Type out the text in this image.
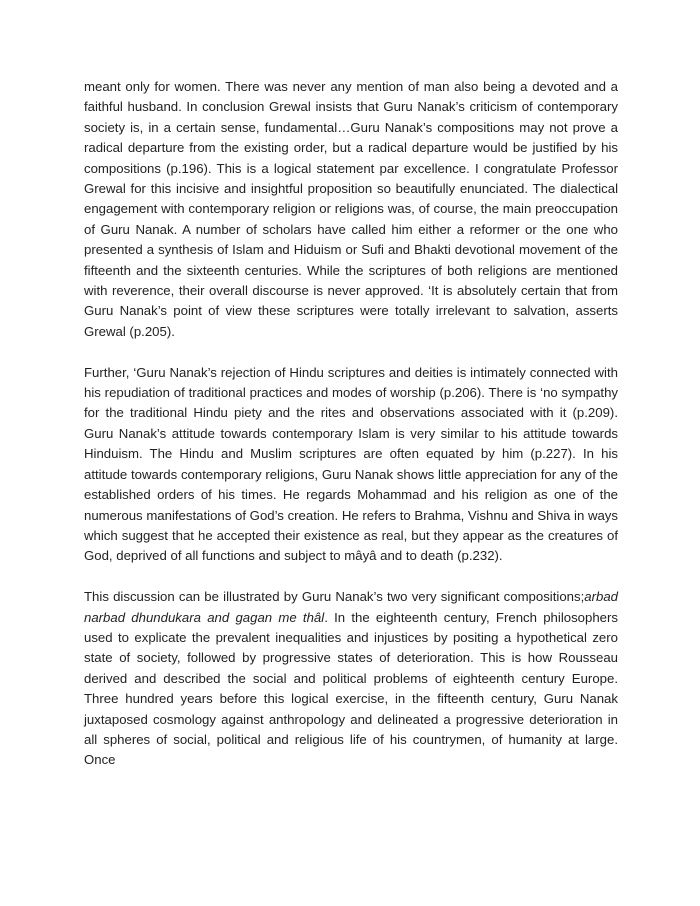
meant only for women. There was never any mention of man also being a devoted and a faithful husband. In conclusion Grewal insists that Guru Nanak’s criticism of contemporary society is, in a certain sense, fundamental…Guru Nanak’s compositions may not prove a radical departure from the existing order, but a radical departure would be justified by his compositions (p.196). This is a logical statement par excellence. I congratulate Professor Grewal for this incisive and insightful proposition so beautifully enunciated. The dialectical engagement with contemporary religion or religions was, of course, the main preoccupation of Guru Nanak. A number of scholars have called him either a reformer or the one who presented a synthesis of Islam and Hiduism or Sufi and Bhakti devotional movement of the fifteenth and the sixteenth centuries. While the scriptures of both religions are mentioned with reverence, their overall discourse is never approved. ‘It is absolutely certain that from Guru Nanak’s point of view these scriptures were totally irrelevant to salvation, asserts Grewal (p.205).

Further, ‘Guru Nanak’s rejection of Hindu scriptures and deities is intimately connected with his repudiation of traditional practices and modes of worship (p.206). There is ‘no sympathy for the traditional Hindu piety and the rites and observations associated with it (p.209). Guru Nanak’s attitude towards contemporary Islam is very similar to his attitude towards Hinduism. The Hindu and Muslim scriptures are often equated by him (p.227). In his attitude towards contemporary religions, Guru Nanak shows little appreciation for any of the established orders of his times. He regards Mohammad and his religion as one of the numerous manifestations of God’s creation. He refers to Brahma, Vishnu and Shiva in ways which suggest that he accepted their existence as real, but they appear as the creatures of God, deprived of all functions and subject to mâyâ and to death (p.232).

This discussion can be illustrated by Guru Nanak’s two very significant compositions;arbad narbad dhundukara and gagan me thâl. In the eighteenth century, French philosophers used to explicate the prevalent inequalities and injustices by positing a hypothetical zero state of society, followed by progressive states of deterioration. This is how Rousseau derived and described the social and political problems of eighteenth century Europe. Three hundred years before this logical exercise, in the fifteenth century, Guru Nanak juxtaposed cosmology against anthropology and delineated a progressive deterioration in all spheres of social, political and religious life of his countrymen, of humanity at large. Once
